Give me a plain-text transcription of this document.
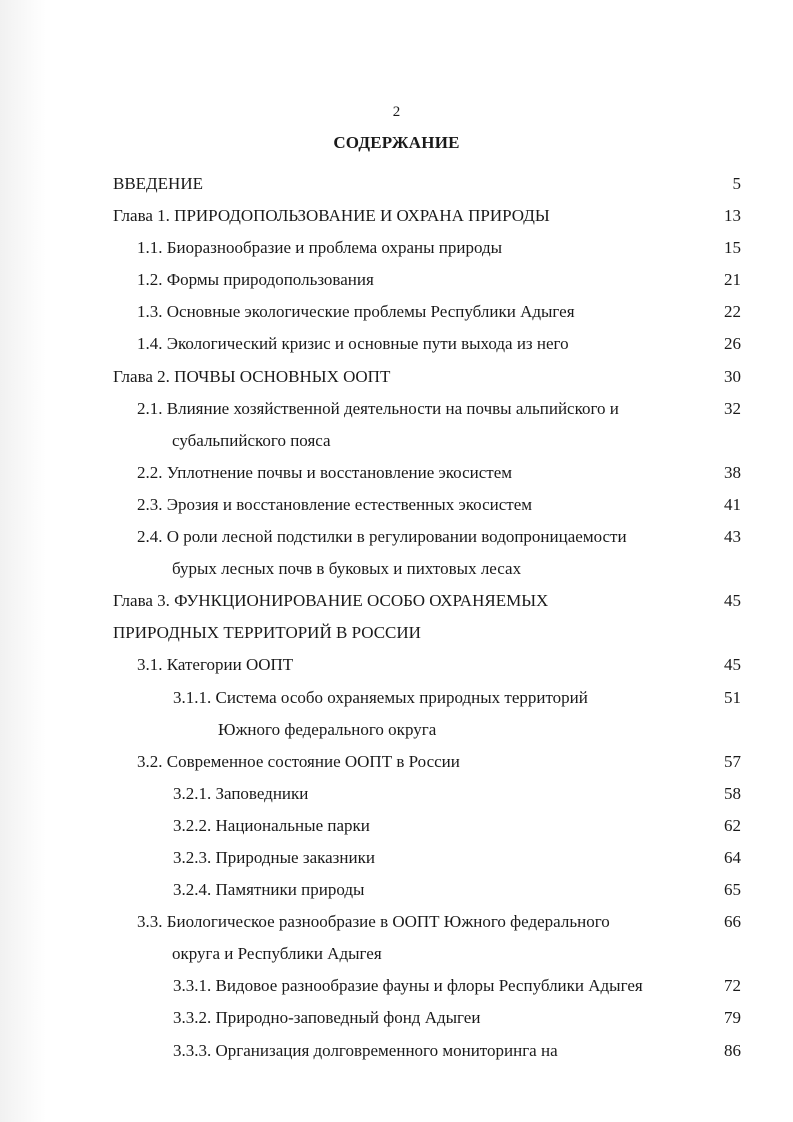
2
СОДЕРЖАНИЕ
ВВЕДЕНИЕ	5
Глава 1. ПРИРОДОПОЛЬЗОВАНИЕ И ОХРАНА ПРИРОДЫ	13
1.1. Биоразнообразие и проблема охраны природы	15
1.2. Формы природопользования	21
1.3. Основные экологические проблемы Республики Адыгея	22
1.4. Экологический кризис и основные пути выхода из него	26
Глава 2. ПОЧВЫ ОСНОВНЫХ ООПТ	30
2.1. Влияние хозяйственной деятельности на почвы альпийского и	32
субальпийского пояса
2.2. Уплотнение почвы и восстановление экосистем	38
2.3. Эрозия и восстановление естественных экосистем	41
2.4. О роли лесной подстилки в регулировании водопроницаемости	43
бурых лесных почв в буковых и пихтовых лесах
Глава 3. ФУНКЦИОНИРОВАНИЕ ОСОБО ОХРАНЯЕМЫХ	45
ПРИРОДНЫХ ТЕРРИТОРИЙ В РОССИИ
3.1. Категории ООПТ	45
3.1.1. Система особо охраняемых природных территорий	51
Южного федерального округа
3.2. Современное состояние ООПТ в России	57
3.2.1. Заповедники	58
3.2.2. Национальные парки	62
3.2.3. Природные заказники	64
3.2.4. Памятники природы	65
3.3. Биологическое разнообразие в ООПТ Южного федерального	66
округа и Республики Адыгея
3.3.1. Видовое разнообразие фауны и флоры Республики Адыгея	72
3.3.2. Природно-заповедный фонд Адыгеи	79
3.3.3. Организация долговременного мониторинга на	86
